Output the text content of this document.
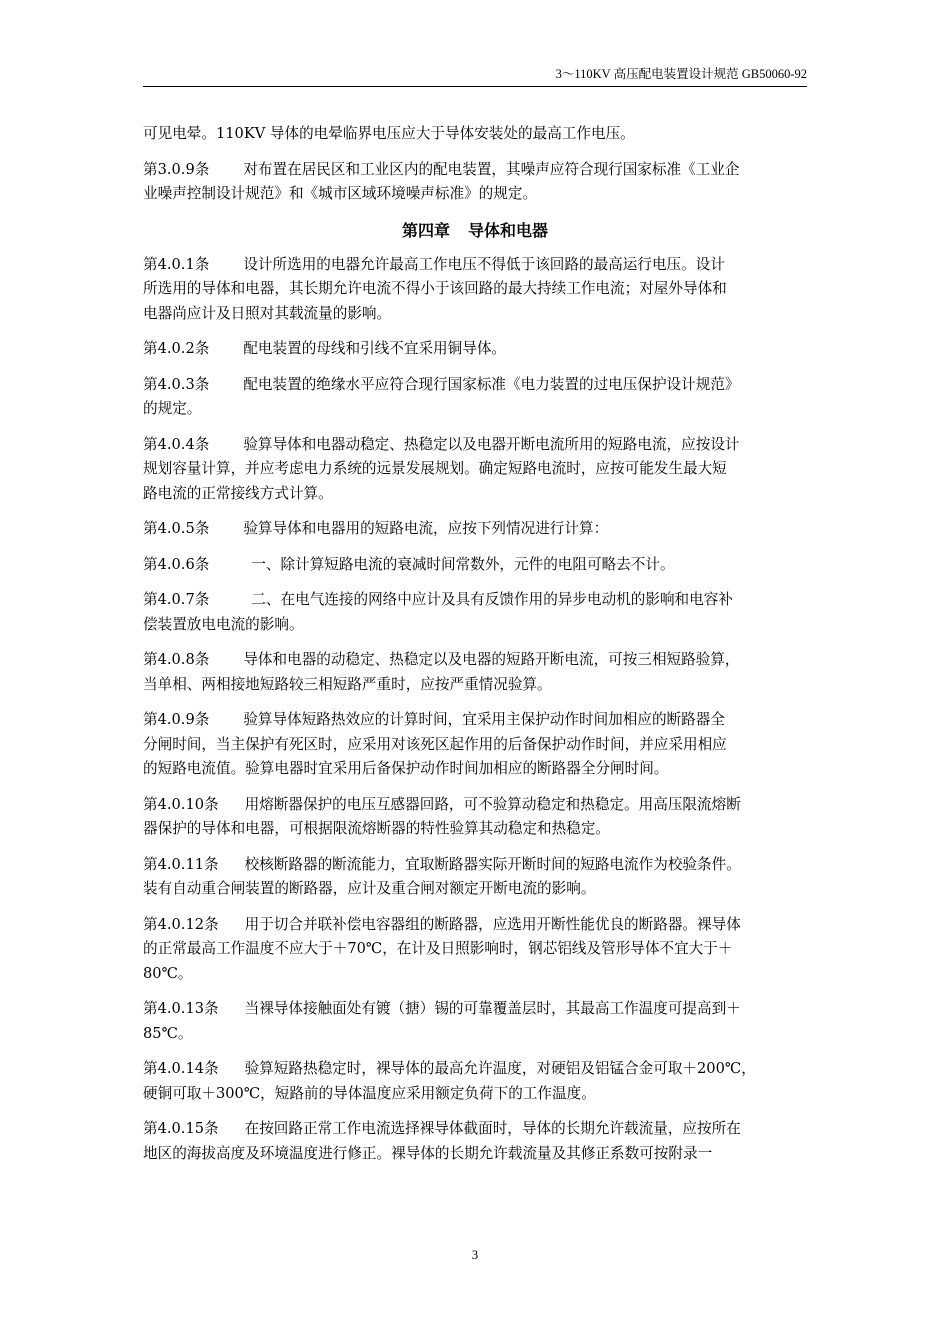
3～110KV 高压配电装置设计规范 GB50060-92

可见电晕。110KV 导体的电晕临界电压应大于导体安装处的最高工作电压。

第3.0.9条 对布置在居民区和工业区内的配电装置，其噪声应符合现行国家标准《工业企
业噪声控制设计规范》和《城市区域环境噪声标准》的规定。

第四章 导体和电器

第4.0.1条 设计所选用的电器允许最高工作电压不得低于该回路的最高运行电压。设计
所选用的导体和电器，其长期允许电流不得小于该回路的最大持续工作电流；对屋外导体和
电器尚应计及日照对其载流量的影响。

第4.0.2条 配电装置的母线和引线不宜采用铜导体。

第4.0.3条 配电装置的绝缘水平应符合现行国家标准《电力装置的过电压保护设计规范》
的规定。

第4.0.4条 验算导体和电器动稳定、热稳定以及电器开断电流所用的短路电流，应按设计
规划容量计算，并应考虑电力系统的远景发展规划。确定短路电流时，应按可能发生最大短
路电流的正常接线方式计算。

第4.0.5条 验算导体和电器用的短路电流，应按下列情况进行计算：

第4.0.6条	一、除计算短路电流的衰减时间常数外，元件的电阻可略去不计。

第4.0.7条	二、在电气连接的网络中应计及具有反馈作用的异步电动机的影响和电容补
偿装置放电电流的影响。

第4.0.8条 导体和电器的动稳定、热稳定以及电器的短路开断电流，可按三相短路验算，
当单相、两相接地短路较三相短路严重时，应按严重情况验算。

第4.0.9条 验算导体短路热效应的计算时间，宜采用主保护动作时间加相应的断路器全
分闸时间，当主保护有死区时，应采用对该死区起作用的后备保护动作时间，并应采用相应
的短路电流值。验算电器时宜采用后备保护动作时间加相应的断路器全分闸时间。

第4.0.10条 用熔断器保护的电压互感器回路，可不验算动稳定和热稳定。用高压限流熔断
器保护的导体和电器，可根据限流熔断器的特性验算其动稳定和热稳定。

第4.0.11条 校核断路器的断流能力，宜取断路器实际开断时间的短路电流作为校验条件。
装有自动重合闸装置的断路器，应计及重合闸对额定开断电流的影响。

第4.0.12条 用于切合并联补偿电容器组的断路器，应选用开断性能优良的断路器。裸导体
的正常最高工作温度不应大于＋70℃，在计及日照影响时，钢芯铝线及管形导体不宜大于＋
80℃。

第4.0.13条 当裸导体接触面处有镀（搪）锡的可靠覆盖层时，其最高工作温度可提高到＋
85℃。

第4.0.14条 验算短路热稳定时，裸导体的最高允许温度，对硬铝及铝锰合金可取＋200℃，
硬铜可取＋300℃，短路前的导体温度应采用额定负荷下的工作温度。

第4.0.15条 在按回路正常工作电流选择裸导体截面时，导体的长期允许载流量，应按所在
地区的海拔高度及环境温度进行修正。裸导体的长期允许载流量及其修正系数可按附录一

3
